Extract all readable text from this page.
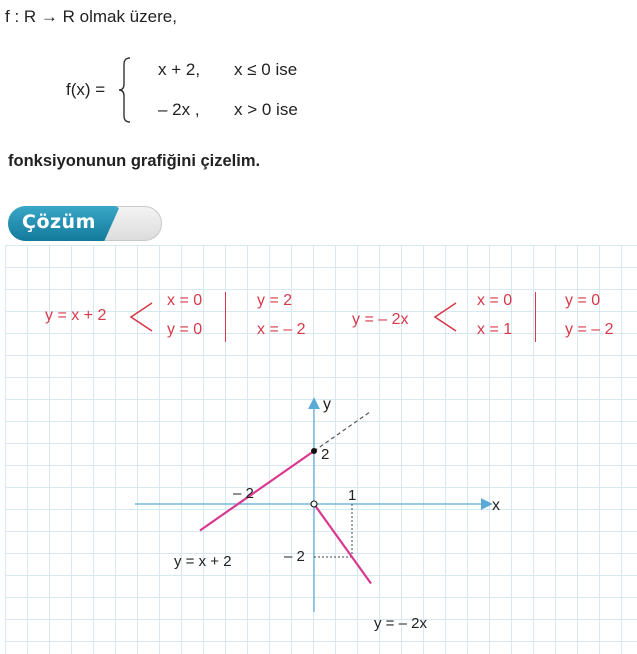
f : R → R olmak üzere,
f(x) =
x + 2, x ≤ 0 ise
– 2x , x > 0 ise
fonksiyonunun grafiğini çizelim.
Çözüm
y = x + 2
x = 0
y = 0
y = 2
x = – 2
y = – 2x
x = 0
x = 1
y = 0
y = – 2
x
y
– 2	1
2
– 2
y = x + 2
y = – 2x
